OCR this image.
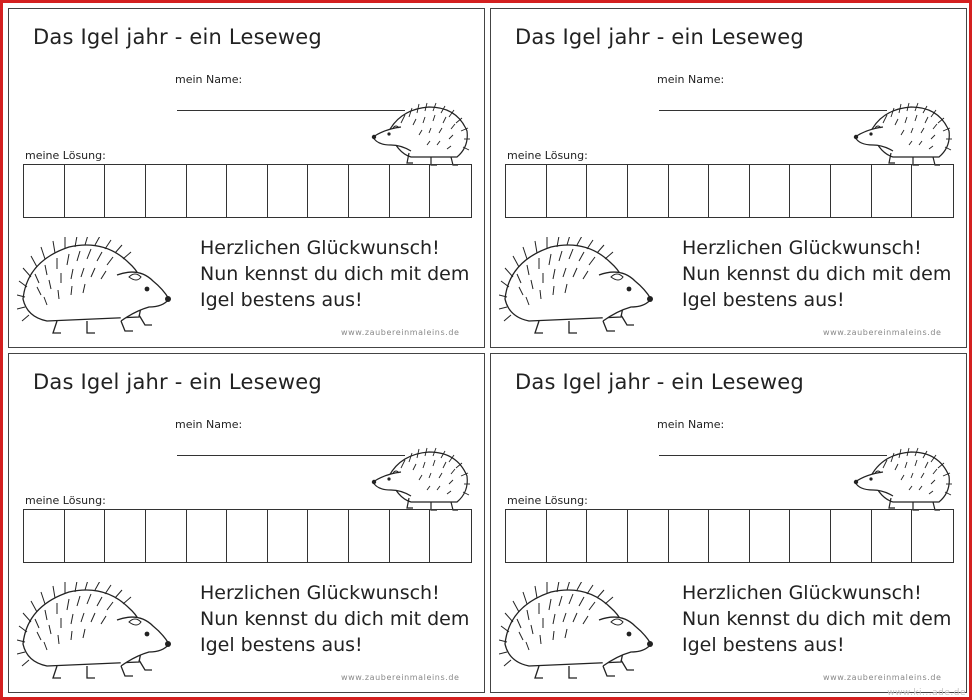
Das Igel jahr - ein Leseweg
mein Name:
meine Lösung:
Herzlichen Glückwunsch!
Nun kennst du dich mit dem
Igel bestens aus!
www.zaubereinmaleins.de
Das Igel jahr - ein Leseweg
mein Name:
meine Lösung:
Herzlichen Glückwunsch!
Nun kennst du dich mit dem
Igel bestens aus!
www.zaubereinmaleins.de
Das Igel jahr - ein Leseweg
mein Name:
meine Lösung:
Herzlichen Glückwunsch!
Nun kennst du dich mit dem
Igel bestens aus!
www.zaubereinmaleins.de
Das Igel jahr - ein Leseweg
mein Name:
meine Lösung:
Herzlichen Glückwunsch!
Nun kennst du dich mit dem
Igel bestens aus!
www.zaubereinmaleins.de
www.ki...ade.de
